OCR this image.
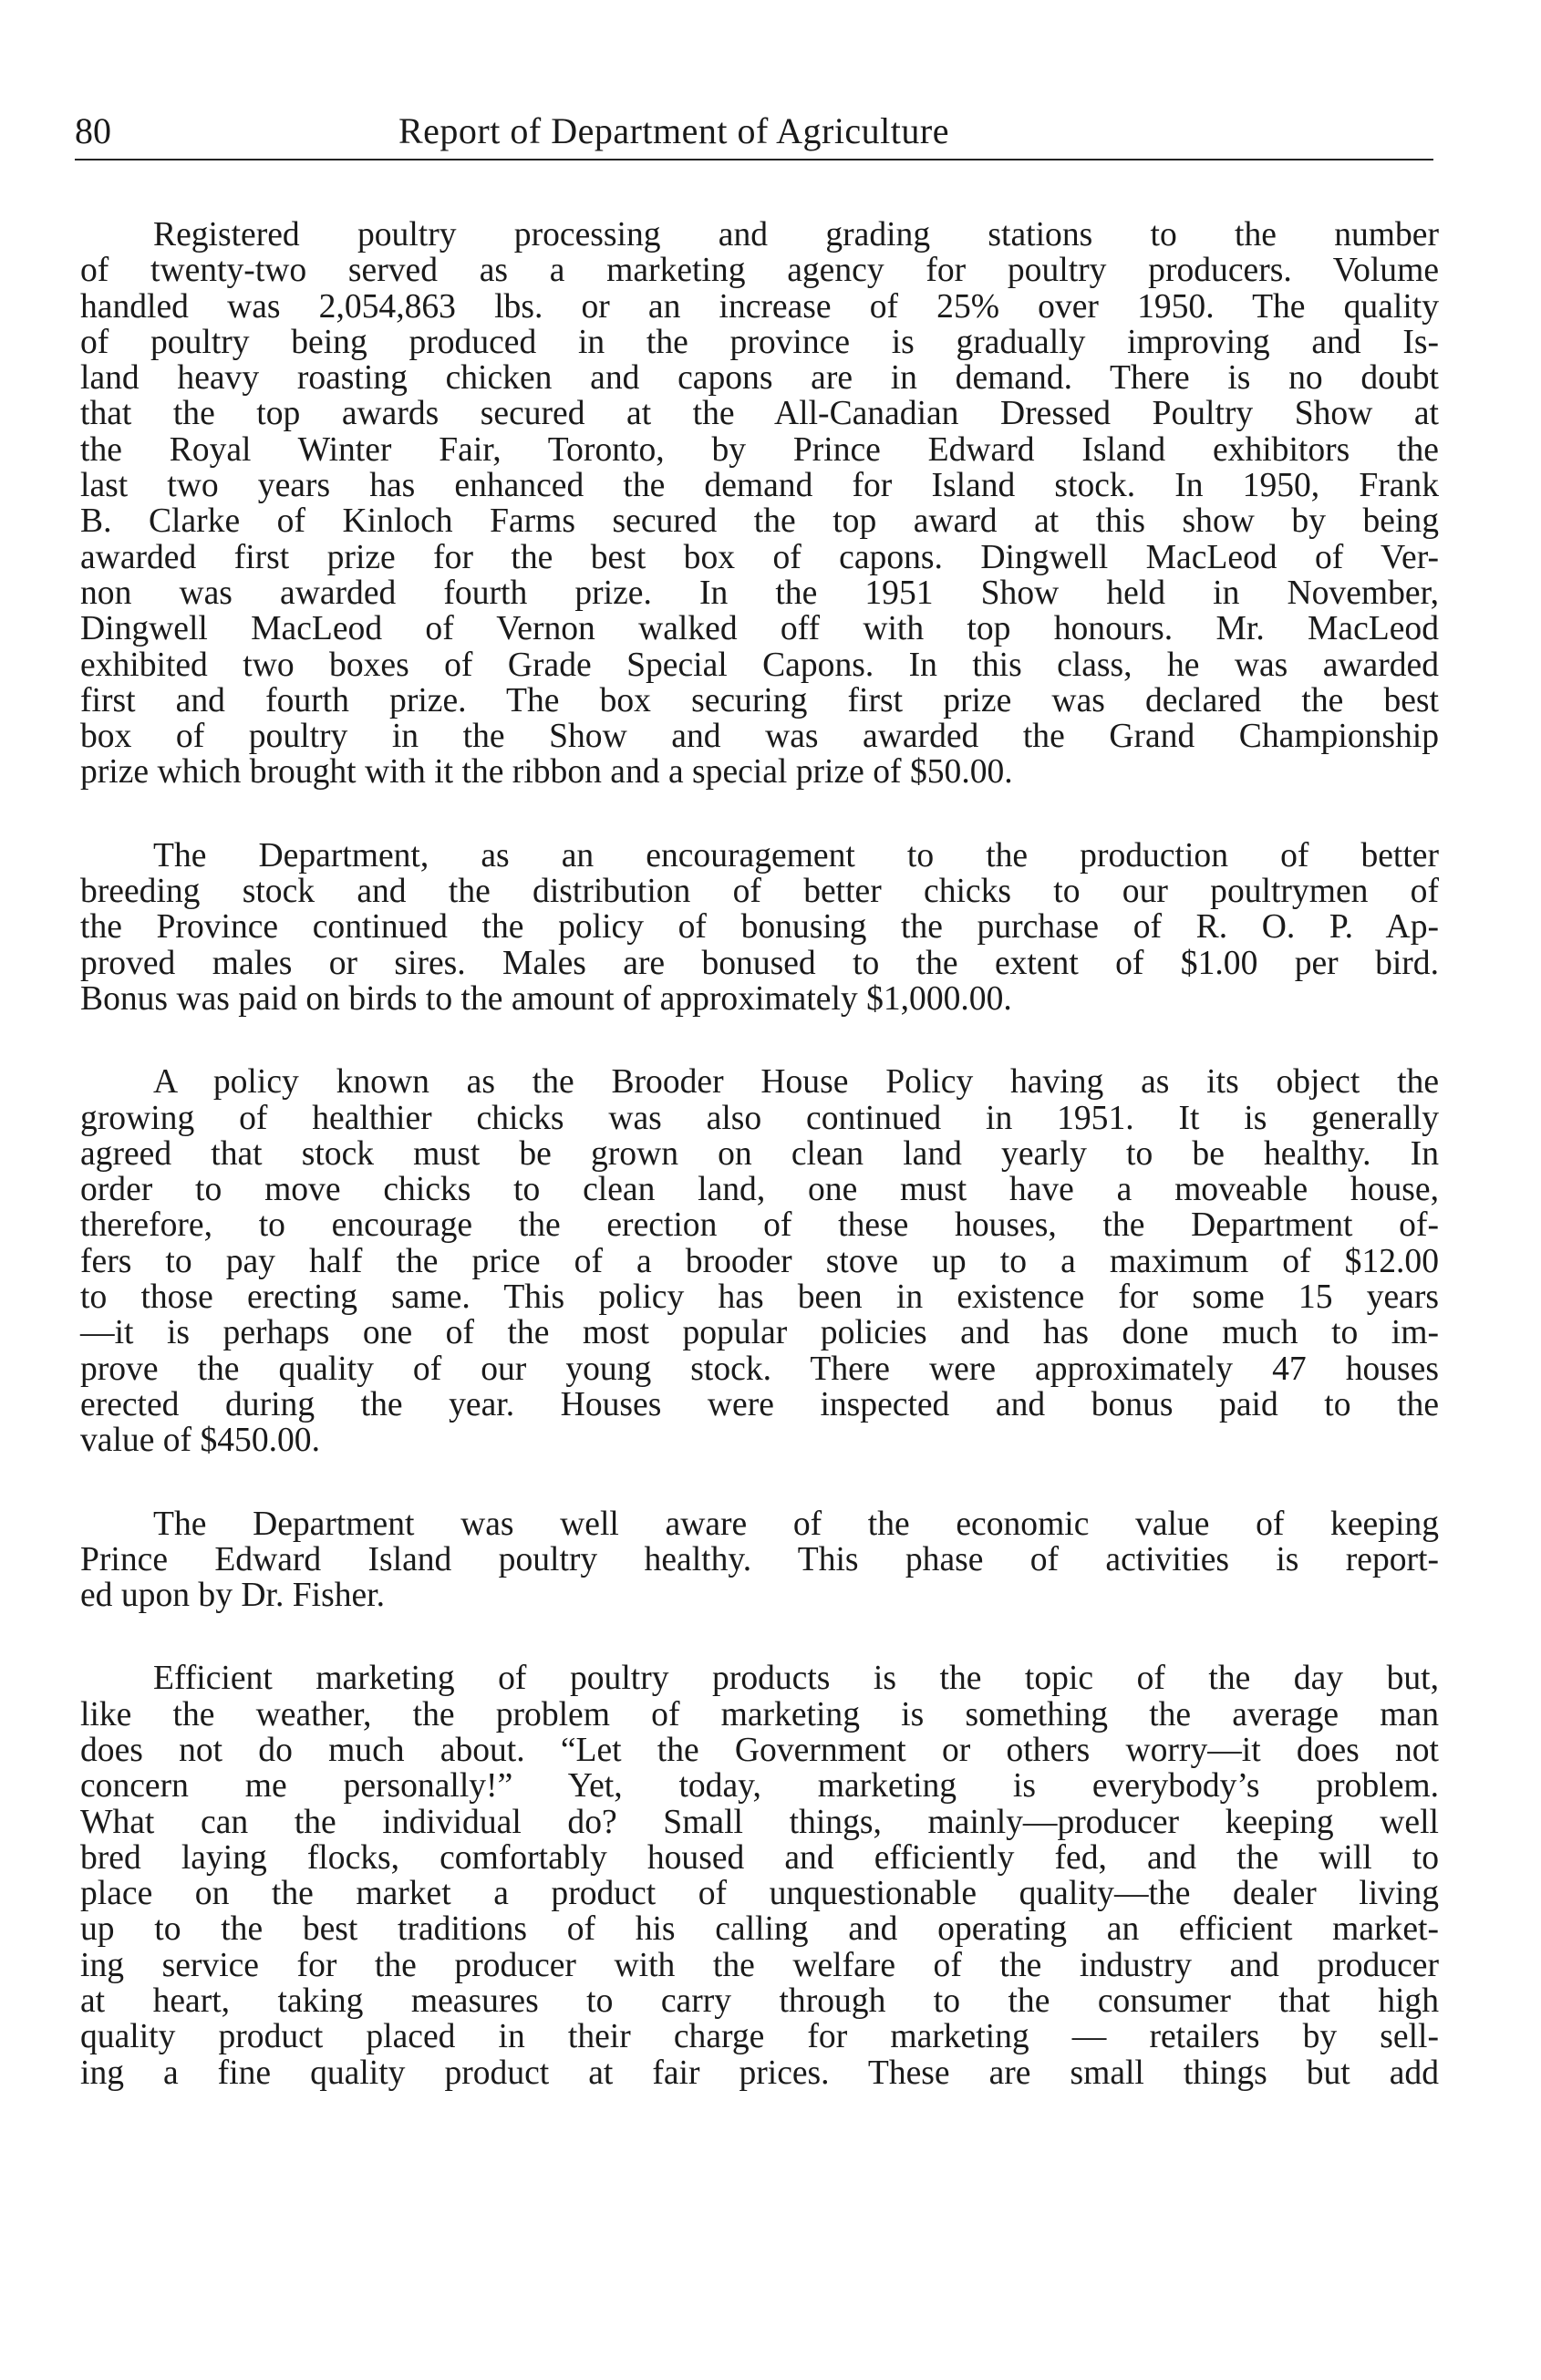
80	Report of Department of Agriculture
Registered poultry processing and grading stations to the number
of twenty-two served as a marketing agency for poultry producers. Volume
handled was 2,054,863 lbs. or an increase of 25% over 1950. The quality
of poultry being produced in the province is gradually improving and Is-
land heavy roasting chicken and capons are in demand. There is no doubt
that the top awards secured at the All-Canadian Dressed Poultry Show at
the Royal Winter Fair, Toronto, by Prince Edward Island exhibitors the
last two years has enhanced the demand for Island stock. In 1950, Frank
B. Clarke of Kinloch Farms secured the top award at this show by being
awarded first prize for the best box of capons. Dingwell MacLeod of Ver-
non was awarded fourth prize. In the 1951 Show held in November,
Dingwell MacLeod of Vernon walked off with top honours. Mr. MacLeod
exhibited two boxes of Grade Special Capons. In this class, he was awarded
first and fourth prize. The box securing first prize was declared the best
box of poultry in the Show and was awarded the Grand Championship
prize which brought with it the ribbon and a special prize of $50.00.
The Department, as an encouragement to the production of better
breeding stock and the distribution of better chicks to our poultrymen of
the Province continued the policy of bonusing the purchase of R. O. P. Ap-
proved males or sires. Males are bonused to the extent of $1.00 per bird.
Bonus was paid on birds to the amount of approximately $1,000.00.
A policy known as the Brooder House Policy having as its object the
growing of healthier chicks was also continued in 1951. It is generally
agreed that stock must be grown on clean land yearly to be healthy. In
order to move chicks to clean land, one must have a moveable house,
therefore, to encourage the erection of these houses, the Department of-
fers to pay half the price of a brooder stove up to a maximum of $12.00
to those erecting same. This policy has been in existence for some 15 years
—it is perhaps one of the most popular policies and has done much to im-
prove the quality of our young stock. There were approximately 47 houses
erected during the year. Houses were inspected and bonus paid to the
value of $450.00.
The Department was well aware of the economic value of keeping
Prince Edward Island poultry healthy. This phase of activities is report-
ed upon by Dr. Fisher.
Efficient marketing of poultry products is the topic of the day but,
like the weather, the problem of marketing is something the average man
does not do much about. “Let the Government or others worry—it does not
concern me personally!” Yet, today, marketing is everybody’s problem.
What can the individual do? Small things, mainly—producer keeping well
bred laying flocks, comfortably housed and efficiently fed, and the will to
place on the market a product of unquestionable quality—the dealer living
up to the best traditions of his calling and operating an efficient market-
ing service for the producer with the welfare of the industry and producer
at heart, taking measures to carry through to the consumer that high
quality product placed in their charge for marketing — retailers by sell-
ing a fine quality product at fair prices. These are small things but add
